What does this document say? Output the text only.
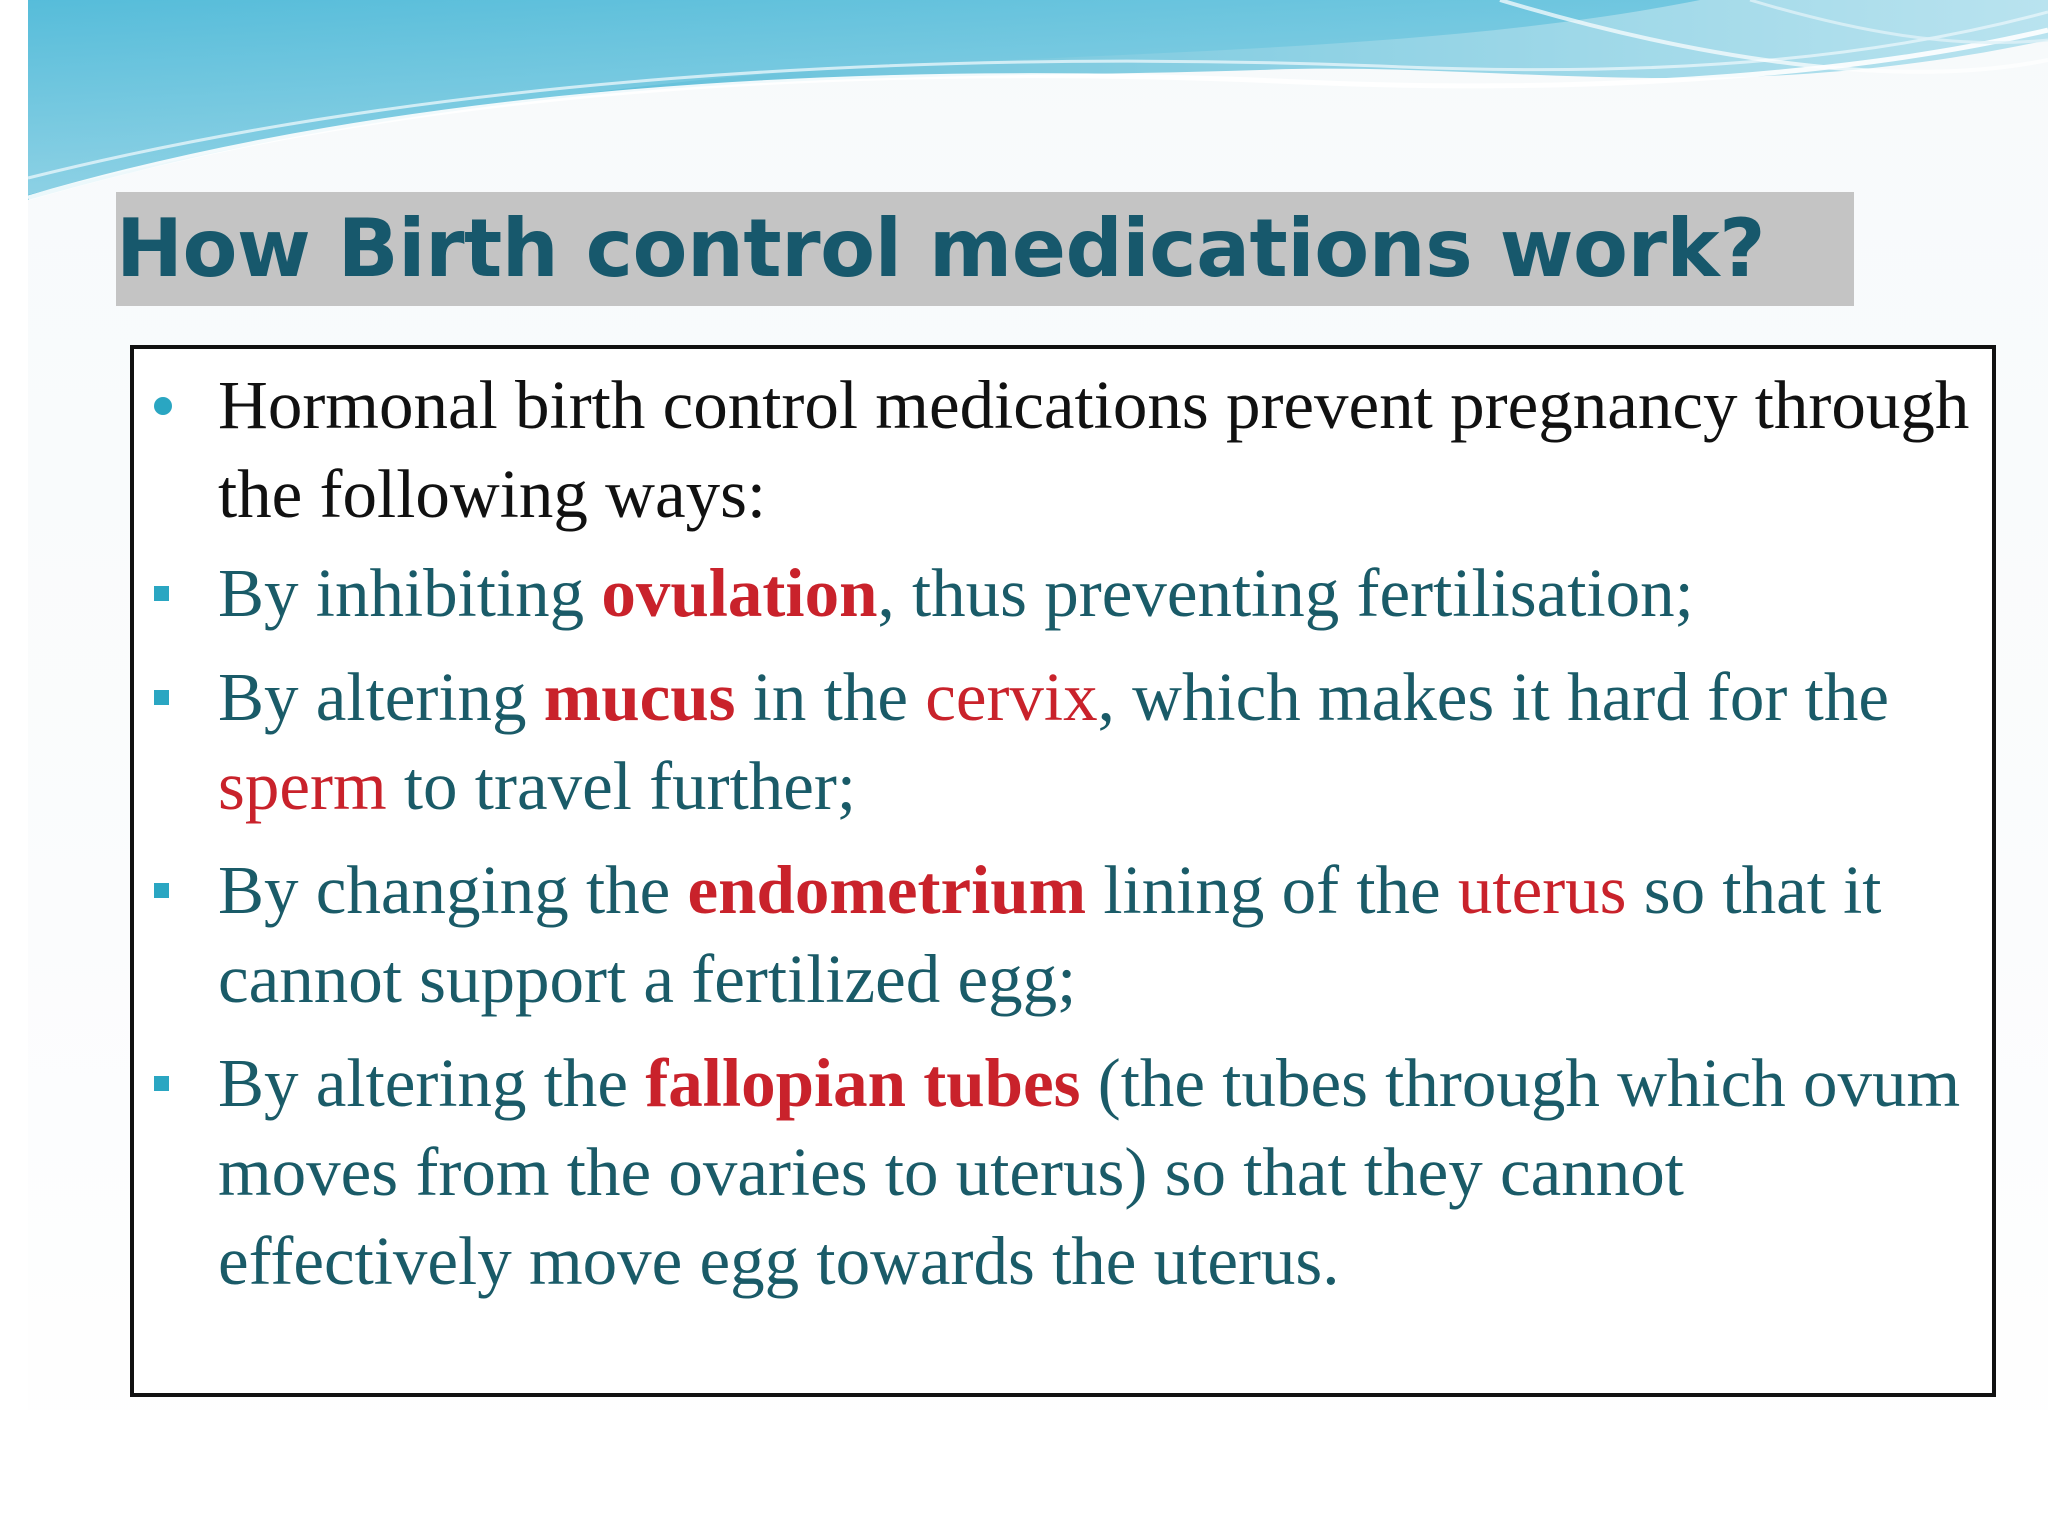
How Birth control medications work?
Hormonal birth control medications prevent pregnancy through the following ways:
By inhibiting ovulation, thus preventing fertilisation;
By altering mucus in the cervix, which makes it hard for the sperm to travel further;
By changing the endometrium lining of the uterus so that it cannot support a fertilized egg;
By altering the fallopian tubes (the tubes through which ovum moves from the ovaries to uterus) so that they cannot effectively move egg towards the uterus.
